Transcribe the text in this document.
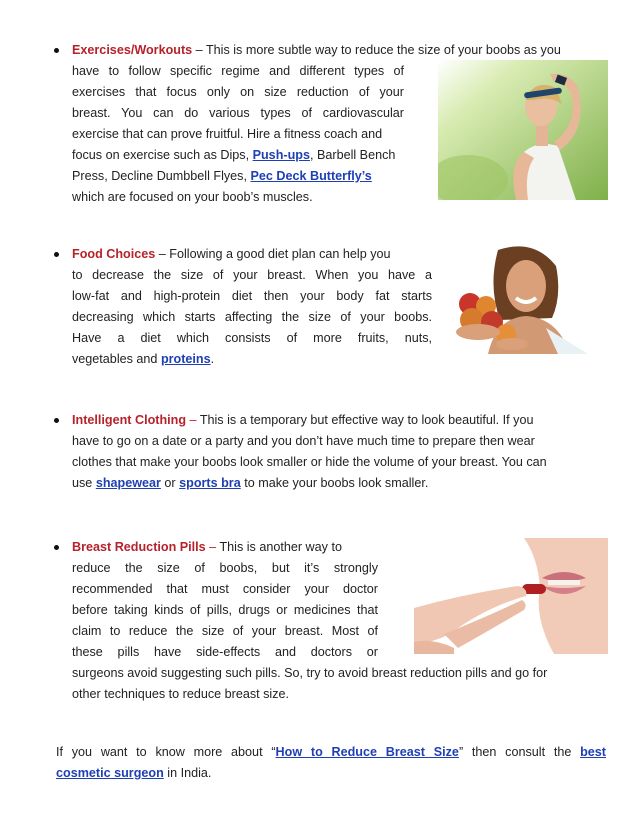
Exercises/Workouts – This is more subtle way to reduce the size of your boobs as you
have to follow specific regime and different types of
exercises that focus only on size reduction of your
breast. You can do various types of cardiovascular
exercise that can prove fruitful. Hire a fitness coach and
focus on exercise such as Dips, Push-ups, Barbell Bench
Press, Decline Dumbbell Flyes, Pec Deck Butterfly’s
which are focused on your boob’s muscles.
Food Choices – Following a good diet plan can help you
to decrease the size of your breast. When you have a
low-fat and high-protein diet then your body fat starts
decreasing which starts affecting the size of your boobs.
Have a diet which consists of more fruits, nuts,
vegetables and proteins.
Intelligent Clothing – This is a temporary but effective way to look beautiful. If you
have to go on a date or a party and you don’t have much time to prepare then wear
clothes that make your boobs look smaller or hide the volume of your breast. You can
use shapewear or sports bra to make your boobs look smaller.
Breast Reduction Pills – This is another way to
reduce the size of boobs, but it’s strongly
recommended that must consider your doctor
before taking kinds of pills, drugs or medicines that
claim to reduce the size of your breast. Most of
these pills have side-effects and doctors or
surgeons avoid suggesting such pills. So, try to avoid breast reduction pills and go for
other techniques to reduce breast size.
If you want to know more about “How to Reduce Breast Size” then consult the best
cosmetic surgeon in India.
